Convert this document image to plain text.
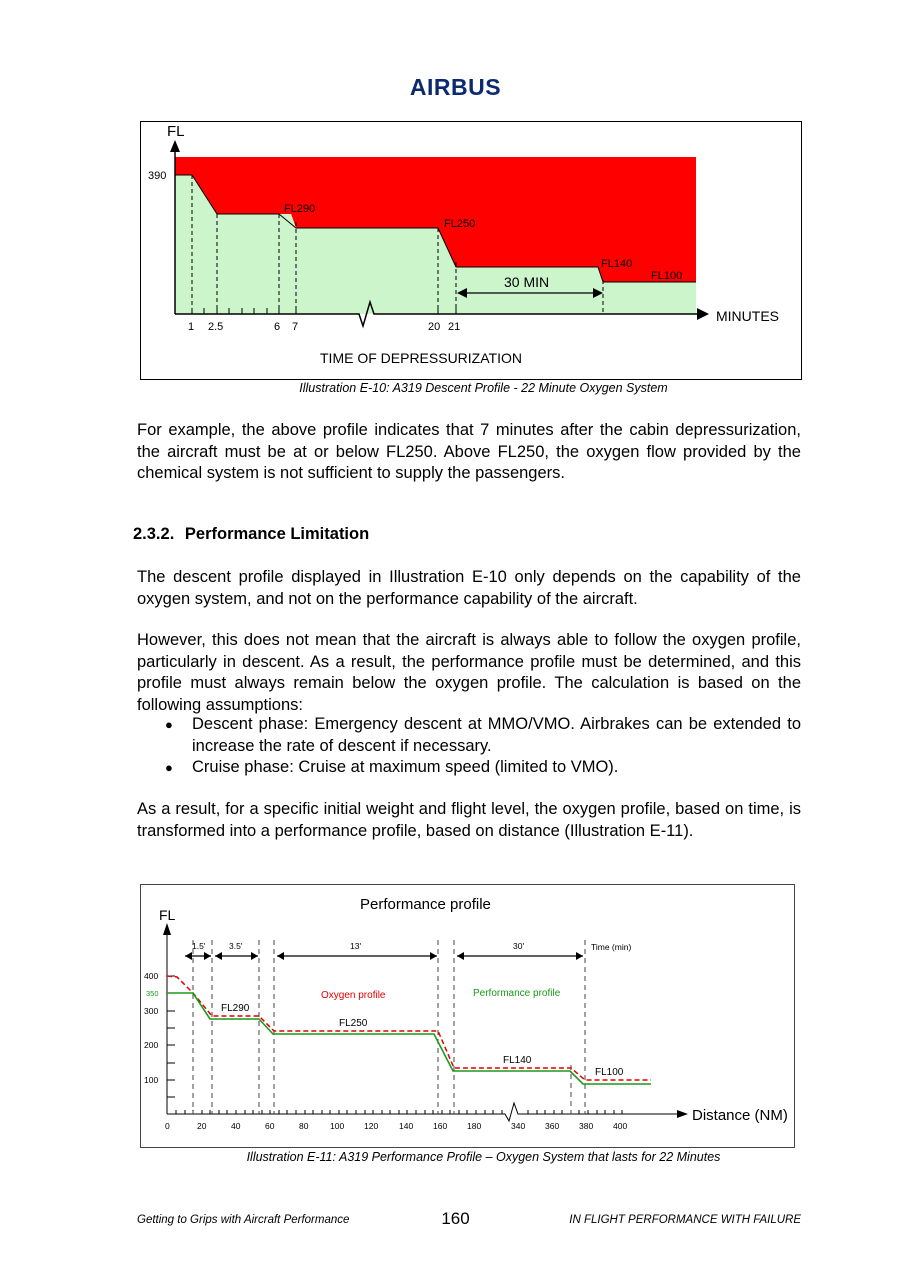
AIRBUS
FL
390
MINUTES
TIME OF DEPRESSURIZATION
1 2.5	6 7	20 21
FL290
FL250
FL140
FL100
30 MIN
Illustration E-10: A319 Descent Profile - 22 Minute Oxygen System
For example, the above profile indicates that 7 minutes after the cabin depressurization, the aircraft must be at or below FL250. Above FL250, the oxygen flow provided by the chemical system is not sufficient to supply the passengers.
2.3.2. Performance Limitation
The descent profile displayed in Illustration E-10 only depends on the capability of the oxygen system, and not on the performance capability of the aircraft.
However, this does not mean that the aircraft is always able to follow the oxygen profile, particularly in descent. As a result, the performance profile must be determined, and this profile must always remain below the oxygen profile. The calculation is based on the following assumptions:
● Descent phase: Emergency descent at MMO/VMO. Airbrakes can be extended to increase the rate of descent if necessary.
● Cruise phase: Cruise at maximum speed (limited to VMO).
As a result, for a specific initial weight and flight level, the oxygen profile, based on time, is transformed into a performance profile, based on distance (Illustration E-11).
Performance profile
FL
Distance (NM)
Time (min)
400
350
300
200
100
0	20	40	60	80	100 120 140 160 180	340 360 380 400
1.5'	3.5'	13'	30'
FL290
FL250
FL140
FL100
Oxygen profile	Performance profile
Illustration E-11: A319 Performance Profile – Oxygen System that lasts for 22 Minutes
Getting to Grips with Aircraft Performance	160	IN FLIGHT PERFORMANCE WITH FAILURE
